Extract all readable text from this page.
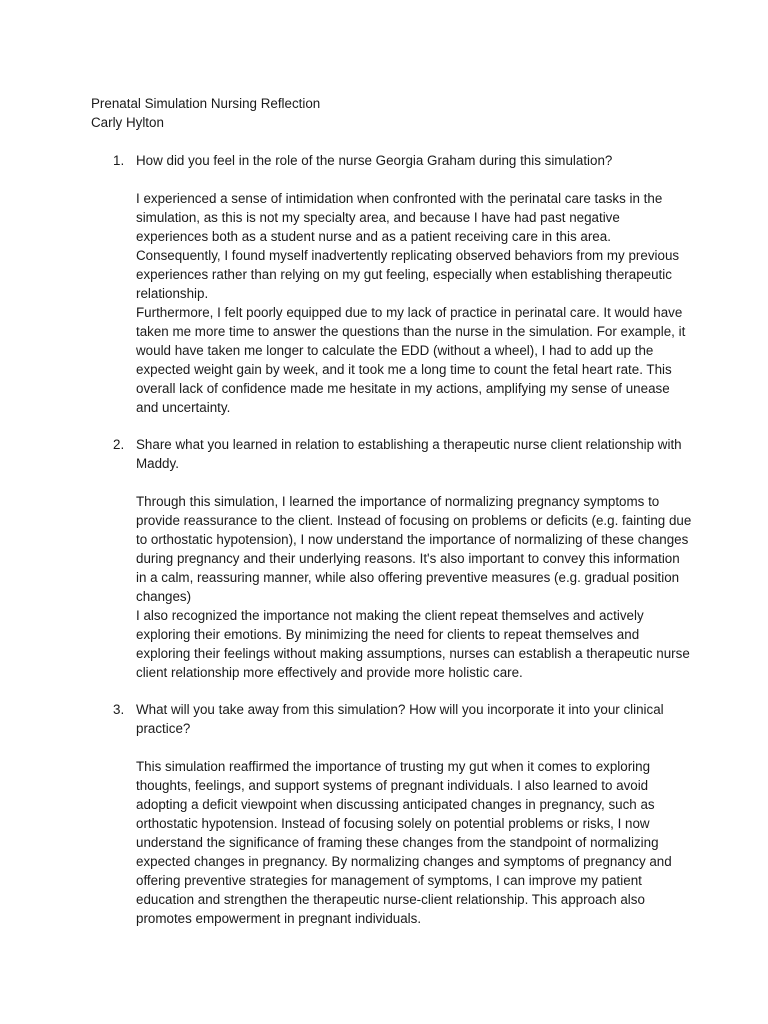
Prenatal Simulation Nursing Reflection
Carly Hylton
1. How did you feel in the role of the nurse Georgia Graham during this simulation?

I experienced a sense of intimidation when confronted with the perinatal care tasks in the simulation, as this is not my specialty area, and because I have had past negative experiences both as a student nurse and as a patient receiving care in this area. Consequently, I found myself inadvertently replicating observed behaviors from my previous experiences rather than relying on my gut feeling, especially when establishing therapeutic relationship.

Furthermore, I felt poorly equipped due to my lack of practice in perinatal care. It would have taken me more time to answer the questions than the nurse in the simulation. For example, it would have taken me longer to calculate the EDD (without a wheel), I had to add up the expected weight gain by week, and it took me a long time to count the fetal heart rate. This overall lack of confidence made me hesitate in my actions, amplifying my sense of unease and uncertainty.

2. Share what you learned in relation to establishing a therapeutic nurse client relationship with Maddy.

Through this simulation, I learned the importance of normalizing pregnancy symptoms to provide reassurance to the client. Instead of focusing on problems or deficits (e.g. fainting due to orthostatic hypotension), I now understand the importance of normalizing of these changes during pregnancy and their underlying reasons. It's also important to convey this information in a calm, reassuring manner, while also offering preventive measures (e.g. gradual position changes)

I also recognized the importance not making the client repeat themselves and actively exploring their emotions. By minimizing the need for clients to repeat themselves and exploring their feelings without making assumptions, nurses can establish a therapeutic nurse client relationship more effectively and provide more holistic care.

3. What will you take away from this simulation? How will you incorporate it into your clinical practice?

This simulation reaffirmed the importance of trusting my gut when it comes to exploring thoughts, feelings, and support systems of pregnant individuals. I also learned to avoid adopting a deficit viewpoint when discussing anticipated changes in pregnancy, such as orthostatic hypotension. Instead of focusing solely on potential problems or risks, I now understand the significance of framing these changes from the standpoint of normalizing expected changes in pregnancy. By normalizing changes and symptoms of pregnancy and offering preventive strategies for management of symptoms, I can improve my patient education and strengthen the therapeutic nurse-client relationship. This approach also promotes empowerment in pregnant individuals.
